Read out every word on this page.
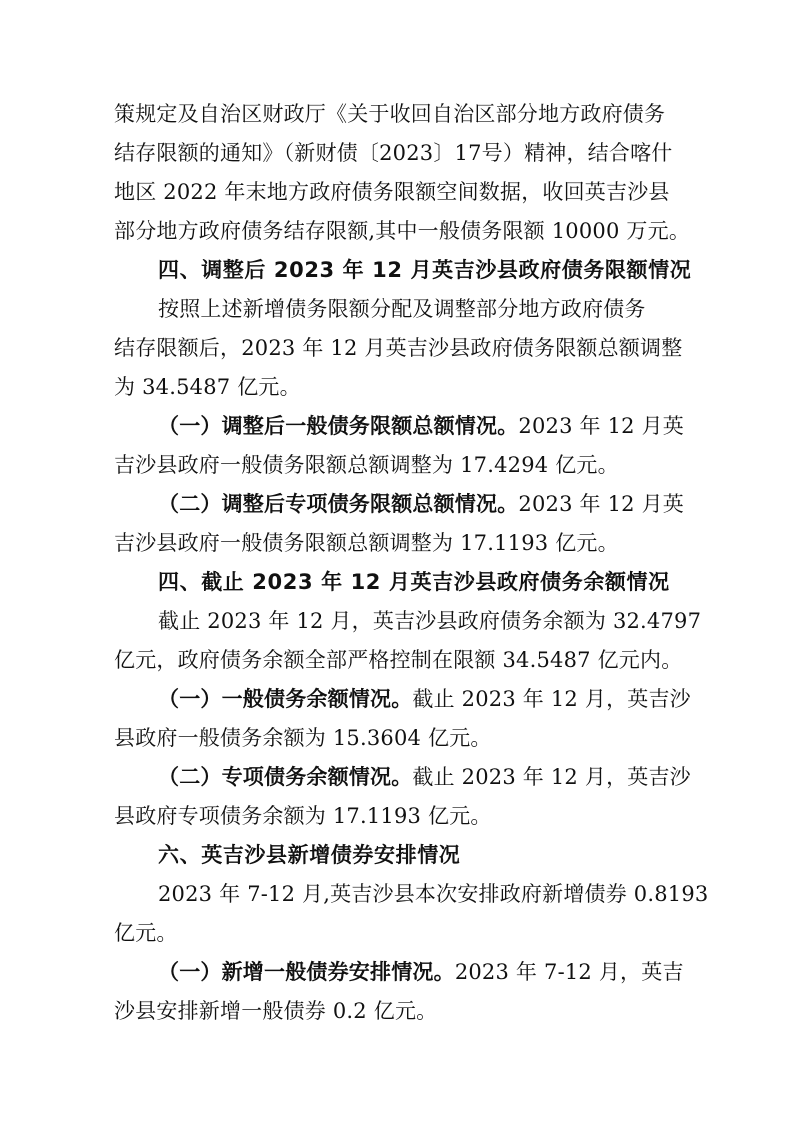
策规定及自治区财政厅《关于收回自治区部分地方政府债务
结存限额的通知》（新财债〔2023〕17号）精神，结合喀什
地区 2022 年末地方政府债务限额空间数据，收回英吉沙县
部分地方政府债务结存限额,其中一般债务限额 10000 万元。
四、调整后 2023 年 12 月英吉沙县政府债务限额情况
按照上述新增债务限额分配及调整部分地方政府债务
结存限额后，2023 年 12 月英吉沙县政府债务限额总额调整
为 34.5487 亿元。
（一）调整后一般债务限额总额情况。2023 年 12 月英
吉沙县政府一般债务限额总额调整为 17.4294 亿元。
（二）调整后专项债务限额总额情况。2023 年 12 月英
吉沙县政府一般债务限额总额调整为 17.1193 亿元。
四、截止 2023 年 12 月英吉沙县政府债务余额情况
截止 2023 年 12 月，英吉沙县政府债务余额为 32.4797
亿元，政府债务余额全部严格控制在限额 34.5487 亿元内。
（一）一般债务余额情况。截止 2023 年 12 月，英吉沙
县政府一般债务余额为 15.3604 亿元。
（二）专项债务余额情况。截止 2023 年 12 月，英吉沙
县政府专项债务余额为 17.1193 亿元。
六、英吉沙县新增债券安排情况
2023 年 7-12 月,英吉沙县本次安排政府新增债券 0.8193
亿元。
（一）新增一般债券安排情况。2023 年 7-12 月，英吉
沙县安排新增一般债券 0.2 亿元。
